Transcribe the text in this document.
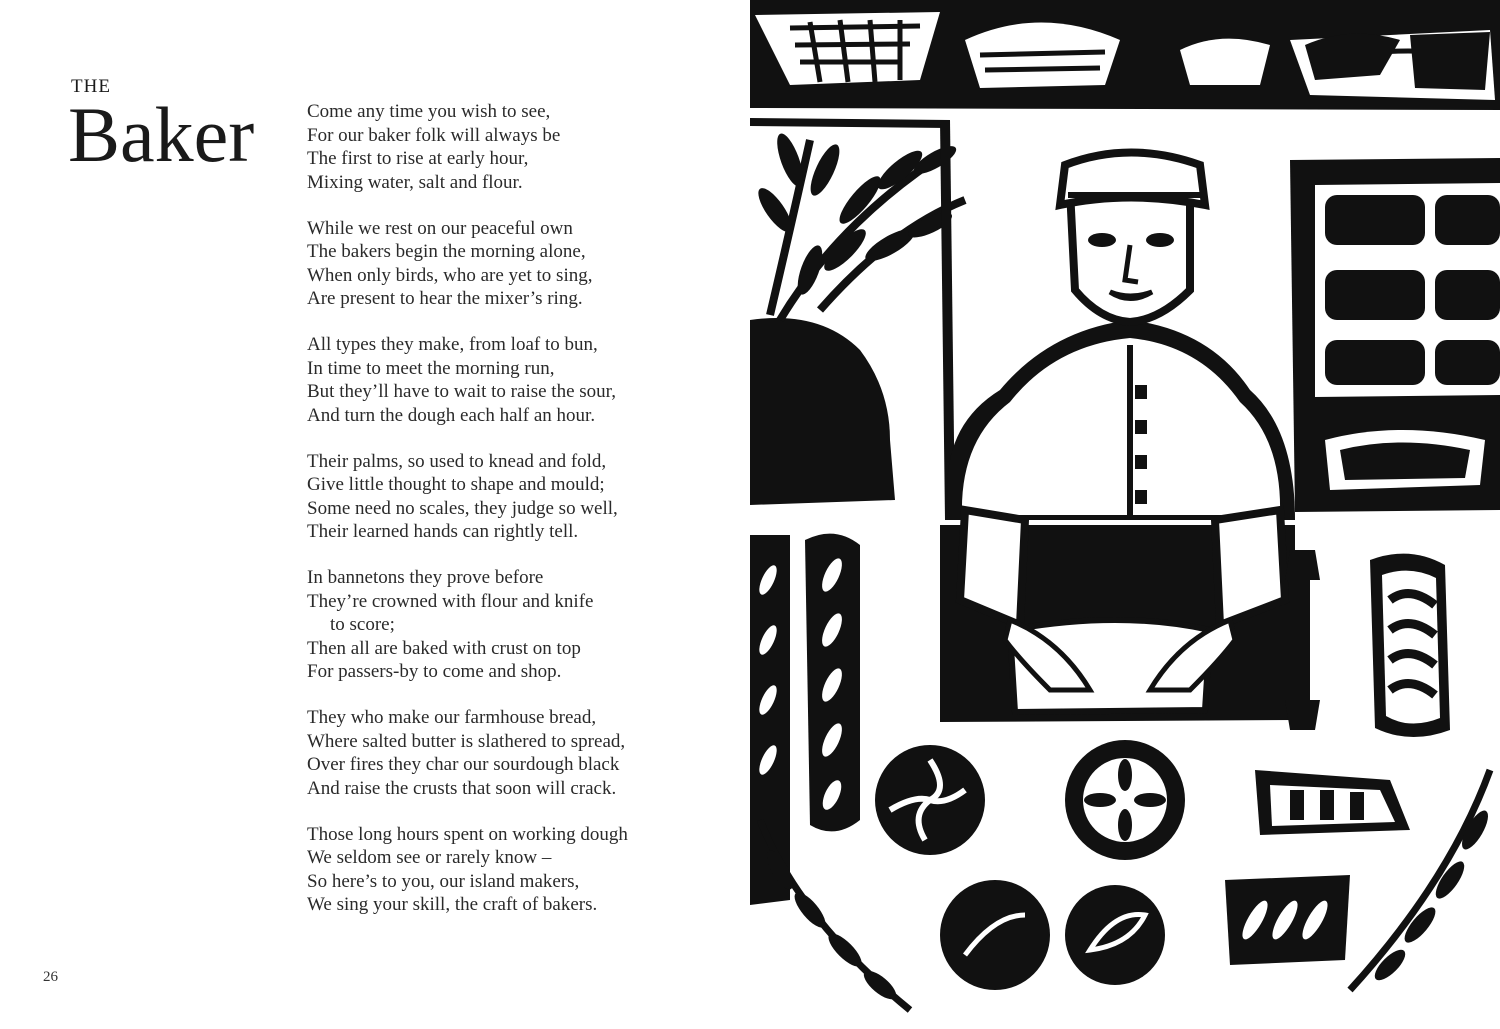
THE
Baker	Come any time you wish to see,
For our baker folk will always be
The first to rise at early hour,
Mixing water, salt and flour.
While we rest on our peaceful own
The bakers begin the morning alone,
When only birds, who are yet to sing,
Are present to hear the mixer’s ring.
All types they make, from loaf to bun,
In time to meet the morning run,
But they’ll have to wait to raise the sour,
And turn the dough each half an hour.
Their palms, so used to knead and fold,
Give little thought to shape and mould;
Some need no scales, they judge so well,
Their learned hands can rightly tell.
In bannetons they prove before
They’re crowned with flour and knife
to score;
Then all are baked with crust on top
For passers-by to come and shop.
They who make our farmhouse bread,
Where salted butter is slathered to spread,
Over fires they char our sourdough black
And raise the crusts that soon will crack.
Those long hours spent on working dough
We seldom see or rarely know –
So here’s to you, our island makers,
We sing your skill, the craft of bakers.
26
